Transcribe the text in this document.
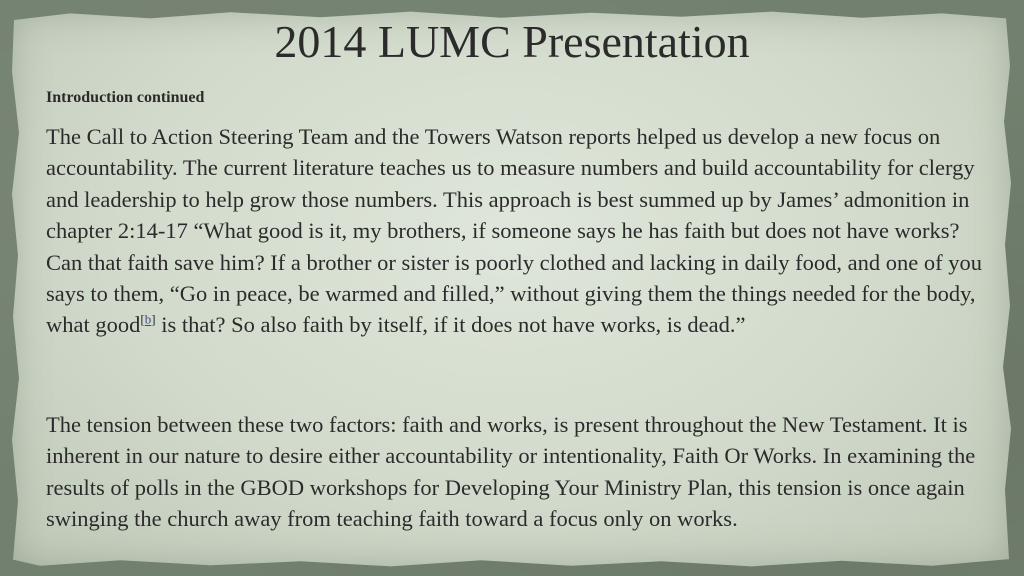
2014 LUMC Presentation

Introduction continued

The Call to Action Steering Team and the Towers Watson reports helped us develop a new focus on accountability. The current literature teaches us to measure numbers and build accountability for clergy and leadership to help grow those numbers. This approach is best summed up by James’ admonition in chapter 2:14-17 “What good is it, my brothers, if someone says he has faith but does not have works? Can that faith save him? If a brother or sister is poorly clothed and lacking in daily food, and one of you says to them, “Go in peace, be warmed and filled,” without giving them the things needed for the body, what good[b] is that? So also faith by itself, if it does not have works, is dead.”

The tension between these two factors: faith and works, is present throughout the New Testament. It is inherent in our nature to desire either accountability or intentionality, Faith Or Works. In examining the results of polls in the GBOD workshops for Developing Your Ministry Plan, this tension is once again swinging the church away from teaching faith toward a focus only on works.
